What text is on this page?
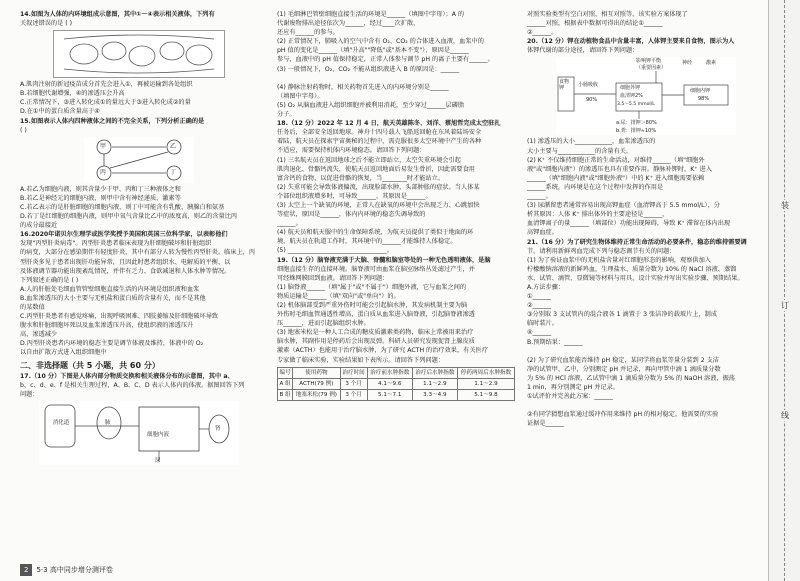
14.如图为人体的内环境组成示意图，其中①～④表示相关液体，下列有
关叙述错误的是 ( )
A.肌肉注射的新冠疫苗成分首先会进入①，再被运输到各处组织
B.若细胞代谢增强，④的渗透压会升高
C.正常情况下，③进入转化成①的量远大于③进入转化成②的量
D.在①中的蛋白质含量高于④
15.如图表示人体内四种液体之间的不完全关系，下列分析正确的是
( )
甲	乙
丙	丁
A.若乙为细胞内液，则其含量少于甲、丙和丁三种液体之和
B.若乙是神经元的细胞内液，则甲中含有神经递质、激素等
C.若乙表示的是肝脏细胞的细胞内液，则丁中可能含有乳酸、胰腺白和氨基
D.若丁是红细胞的细胞内液，则甲中氧气含量比乙中的浓度高，则乙的含量比丙
的成分最接近
16.2020年诺贝尔生理学或医学奖授予美国和英国三位科学家，以表彰他们
发现"丙型肝炎病毒"。丙型肝炎患者临床表现为肝细胞破坏和肝脏组织
的病变，大部分在感染期伴有轻度肝炎，其中有部分人转为慢性丙型肝炎。临床上，丙
型肝炎多见于患者出现肝功能异常，且因此时患者组织水、电解质的平衡、以
及体液调节器功能出现紊乱情况，并伴有乏力、食欲减退和人体水肿等情况。
下列叙述正确的是 ( )
A.人的肝脏处毛细血管管壁细胞直接生活的内环境是组织液和血浆
B.血浆渗透压的大小主要与无机盐和蛋白质的含量有关，而不是其他
的某数值
C.丙型肝炎患者有感觉疼痛，出现呼吸困难、四肢萎缩及肝细胞破坏导致
腹水和肝脏细胞坏死以及血浆渗透压升高，使组织液的渗透压升
高，渗透减少
D.丙型肝炎患者内环境的稳态主要是调节体液及维持，体液中的 O₂
以自由扩散方式进入组织细胞中
二、非选择题（共 5 小题，共 60 分）
17.（10 分）下图是人体内部分物质交换和相关液体分布的示意图，其中 a、
b、c、d、e、f 是相关生理过程，A、B、C、D 表示人体内的体液。据图回答下列
问题：
消化道	肺
肾
尿
细胞内液
(1) 毛细淋巴管壁细胞直接生活的环境是______（填图中字母）；A 的
代谢废物排出途径依次为______，经过____次扩散，
还应有______的参与。
(2) 正常情况下，肺吸入的空气中含有 O₂、CO₂ 的合体进入血液，血浆中的
pH 值的变化是______（填"升高""降低"或"基本不变"），原因是______
参与，血液中的 pH 值保持稳定，正常人体参与调节 pH 的离子主要有______。
(3) 一般情况下，O₂、CO₂ 不能从组织液进入 B 的原因是：______

(4) 静脉注射药物时，相关药物首先进入的内环境分别是______
（填图中字母）。
(5) O₂ 从脑血液进入组织细胞并被利用消耗，至少穿过______层磷脂
分子。
18.（12 分）2022 年 12 月 4 日，航天英雄陈冬、刘洋、蔡旭哲完成太空驻扎
任务后，全部安全返回地球。神舟十四号载人飞船返回舱在东风着陆场安全
着陆，航天员在探索宇宙奥秘的过程中，需克服很多太空环境中产生的各种
不适应，需要保持机体内环境稳态。请回答下列问题：
(1) 三名航天员在返回地球之后不能立即站立，太空失重环境会引起
肌肉退化、骨骼钙流失，使航天员返回地面后易发生骨折，因此需要食用
富含钙的食物，以促进骨骼的恢复，当________时才能站立。
(2) 失重可能会导致体液偏流，出现脸部水肿，头部肿胀的症状。当人体某
个部位组织液增多时，可导致______，其原因是______。
(3) 太空上一个缺氧的环境，正常人在缺氧的环境中会出现乏力、心跳加快
等症状，原因是______，体内内环境的稳态失调导致的
______。
(4) 航天员和航天服中的生命保障系统，为航天员提供了类似于地面的环
境，航天员在轨道工作时，其环境中的______才能维持人体稳定。
(5) ________________________________。
19.（12 分）脑脊液充满于大脑、脊髓和脑室等处的一种无色透明液体，是脑
细胞直接生存的直接环境。脑脊液可由血浆在脑室脉络丛处滤过产生，并
可经蛛网膜回到血液。请回答下列问题：
(1) 脑脊液______（填"属于"或"不属于"）细胞外液，它与血浆之间的
物质运输是______（填"双向"或"单向"）的。
(2) 机体脑部受到严重外伤时可能会引起脑水肿，其发病机制主要为脑
外伤时毛细血管通透性增高，蛋白质从血浆进入脑脊液，引起脑脊液渗透
压______，进而引起脑组织水肿。
(3) 地塞米松是一种人工合成的糖皮质激素类药物，临床上常被用来治疗
脑水肿，其副作用是停药后会出现反弹。科研人员研究发现促肾上腺皮质
激素（ACTH）也能用于治疗脑水肿，为了研究 ACTH 的治疗效果，有关医疗
专家做了临床实验，实验结果如下表所示。请回答下列问题：
编号	使用药物	治疗时间	治疗前水肿指数	治疗后水肿指数	停药两周后水肿指数
A 组	ACTH(79 例)	3 个月	4.1～9.6	1.1～2.9	1.1～2.9
B 组	地塞米松(79 例)	3 个月	5.1～7.1	3.3～4.9	5.1～9.8
对照实验类型有空白对照、相互对照等，该实验方案体现了
______对照，根据表中数据可得出的结论①______
②______。
20.（12 分）钾在动植物食品中含量丰富，人体钾主要来自食物，图示为人
体钾代谢的部分途径，请回答下列问题：
食物钾	小肠吸收
90%
细胞外钾
血清钾2%
3.5～5.5 mmol/L
细胞内钾
98%
影响钾平衡
（重要因素）
神经	激素
a.尿：排钾＞80%
b.粪：排钾≈10%
(1) 渗透压的大小____________，血浆渗透压的
大小主要与____________的含量有关。
(2) K⁺ 不仅维持细胞正常的生命活动，对维持______（填"细胞外
液"或"细胞内液"）的渗透压也具有重要作用。静脉补钾时，K⁺ 进入
______（填"细胞内液"或"细胞外液"）中的 K⁺ 进入细胞需要依赖
______系统，内环境是在这个过程中发挥的作用是
______。
(3) 尿潴留患者通常容易出现高钾血症（血清钾高于 5.5 mmol/L），分
析其原因：人体 K⁺ 排出体外的主要途径是______，
血清钾离子的量______（填部位）功能出现障碍，导致 K⁺ 滞留在体内出现
高钾血症。
21.（16 分）为了研究生物体维持正常生命活动的必要条件，稳态的维持需要调
节。请利用新鲜鸡血完成下列与稳态调节有关的问题：
(1) 为了验证血浆中的无机盐含量对红细胞形态的影响，观察供加入
柠檬酸钠溶液的新鲜鸡血，生理盐水、质量分数为 10% 的 NaCl 溶液、蒸馏
水、试管、滴管、显微镜等材料与用具，设计实验并写出实验步骤、预期结果。
A.方法步骤：
①______
②______
③分别取 3 支试管内的混合液各 1 滴置于 3 张洁净的载玻片上，制成
临时装片。
④______
B.预期结果：______

(2) 为了研究血浆能否维持 pH 稳定，某同学将血浆等量分装到 2 支洁
净的试管甲、乙中，分别测定 pH 并记录，再向甲管中滴 1 滴质量分数
为 5% 的 HCl 溶液，乙试管中滴 1 滴质量分数为 5% 的 NaOH 溶液，振荡
1 min，再分别测定 pH 并记录。
①试评价并完善此方案：______

②有同学猜想血浆通过缓冲作用来维持 pH 的相对稳定，他需要的实验
证据是______
2 5·3 高中同步增分测评卷
装
订
线
